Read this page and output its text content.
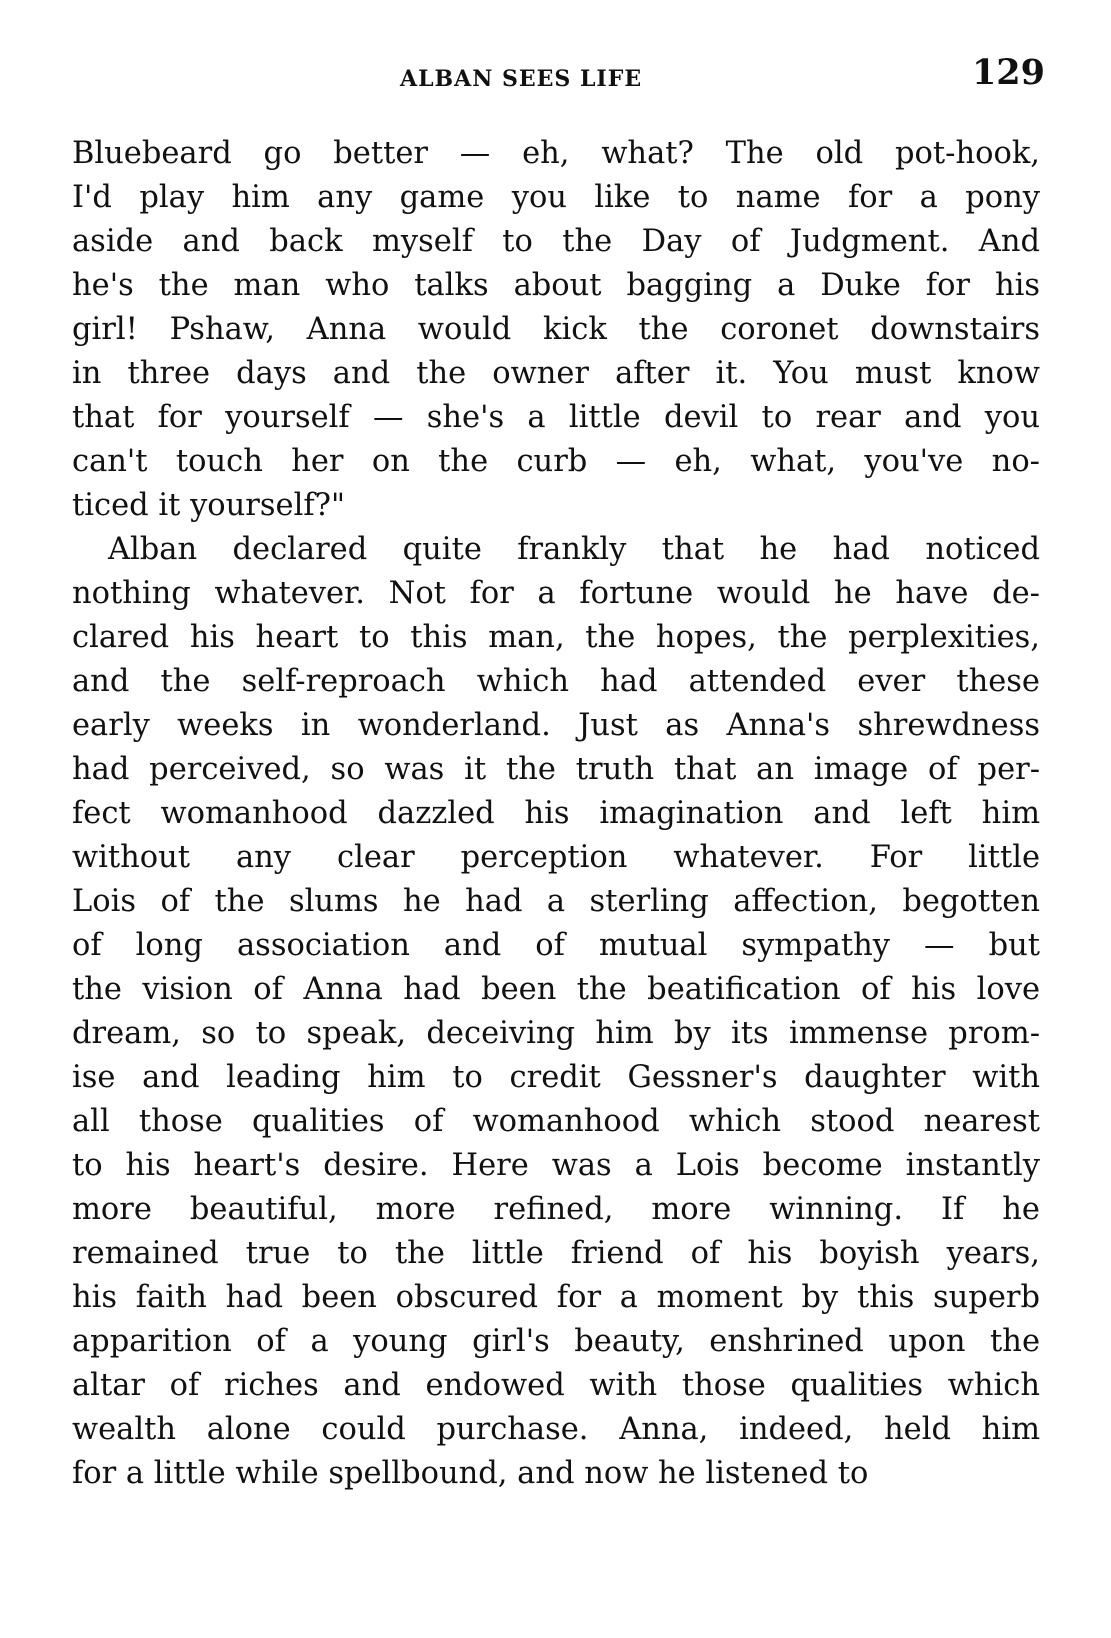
ALBAN SEES LIFE	129
Bluebeard go better — eh, what? The old pot-hook,
I'd play him any game you like to name for a pony
aside and back myself to the Day of Judgment. And
he's the man who talks about bagging a Duke for his
girl! Pshaw, Anna would kick the coronet downstairs
in three days and the owner after it. You must know
that for yourself — she's a little devil to rear and you
can't touch her on the curb — eh, what, you've no-
ticed it yourself?"
Alban declared quite frankly that he had noticed
nothing whatever. Not for a fortune would he have de-
clared his heart to this man, the hopes, the perplexities,
and the self-reproach which had attended ever these
early weeks in wonderland. Just as Anna's shrewdness
had perceived, so was it the truth that an image of per-
fect womanhood dazzled his imagination and left him
without any clear perception whatever. For little
Lois of the slums he had a sterling affection, begotten
of long association and of mutual sympathy — but
the vision of Anna had been the beatification of his love
dream, so to speak, deceiving him by its immense prom-
ise and leading him to credit Gessner's daughter with
all those qualities of womanhood which stood nearest
to his heart's desire. Here was a Lois become instantly
more beautiful, more refined, more winning. If he
remained true to the little friend of his boyish years,
his faith had been obscured for a moment by this superb
apparition of a young girl's beauty, enshrined upon the
altar of riches and endowed with those qualities which
wealth alone could purchase. Anna, indeed, held him
for a little while spellbound, and now he listened to
